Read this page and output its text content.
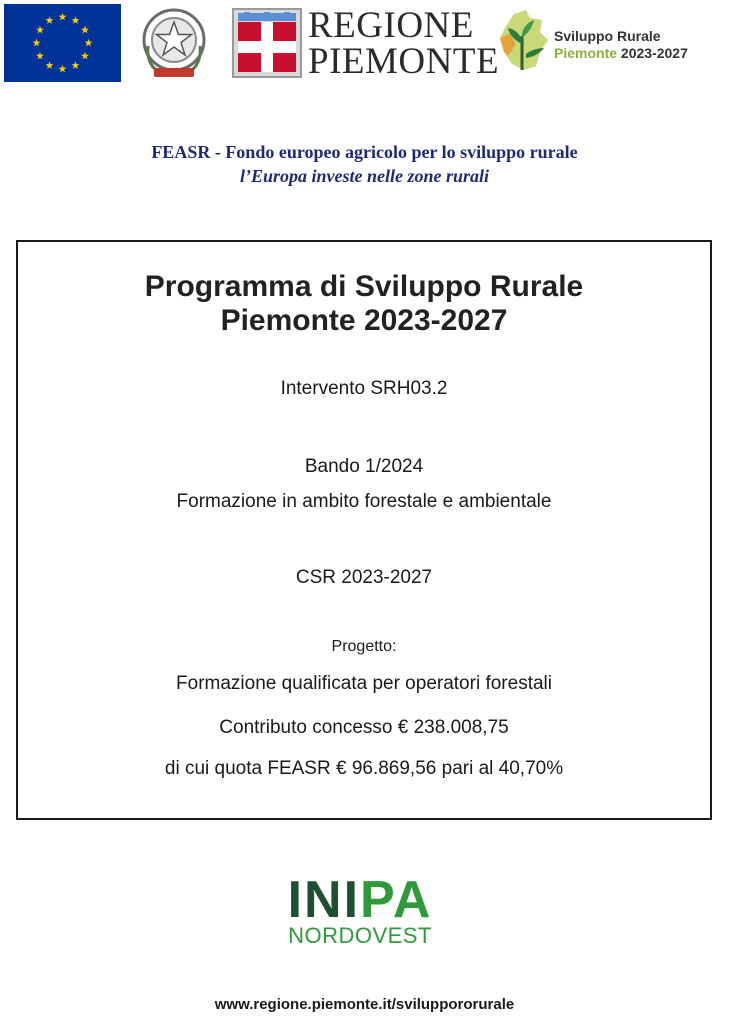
REGIONE
PIEMONTE
Sviluppo Rurale
Piemonte 2023-2027
FEASR - Fondo europeo agricolo per lo sviluppo rurale
l’Europa investe nelle zone rurali
Programma di Sviluppo Rurale
Piemonte 2023-2027
Intervento SRH03.2
Bando 1/2024
Formazione in ambito forestale e ambientale
CSR 2023-2027
Progetto:
Formazione qualificata per operatori forestali
Contributo concesso € 238.008,75
di cui quota FEASR € 96.869,56 pari al 40,70%
INIPA
NORDOVEST
www.regione.piemonte.it/sviluppororurale
